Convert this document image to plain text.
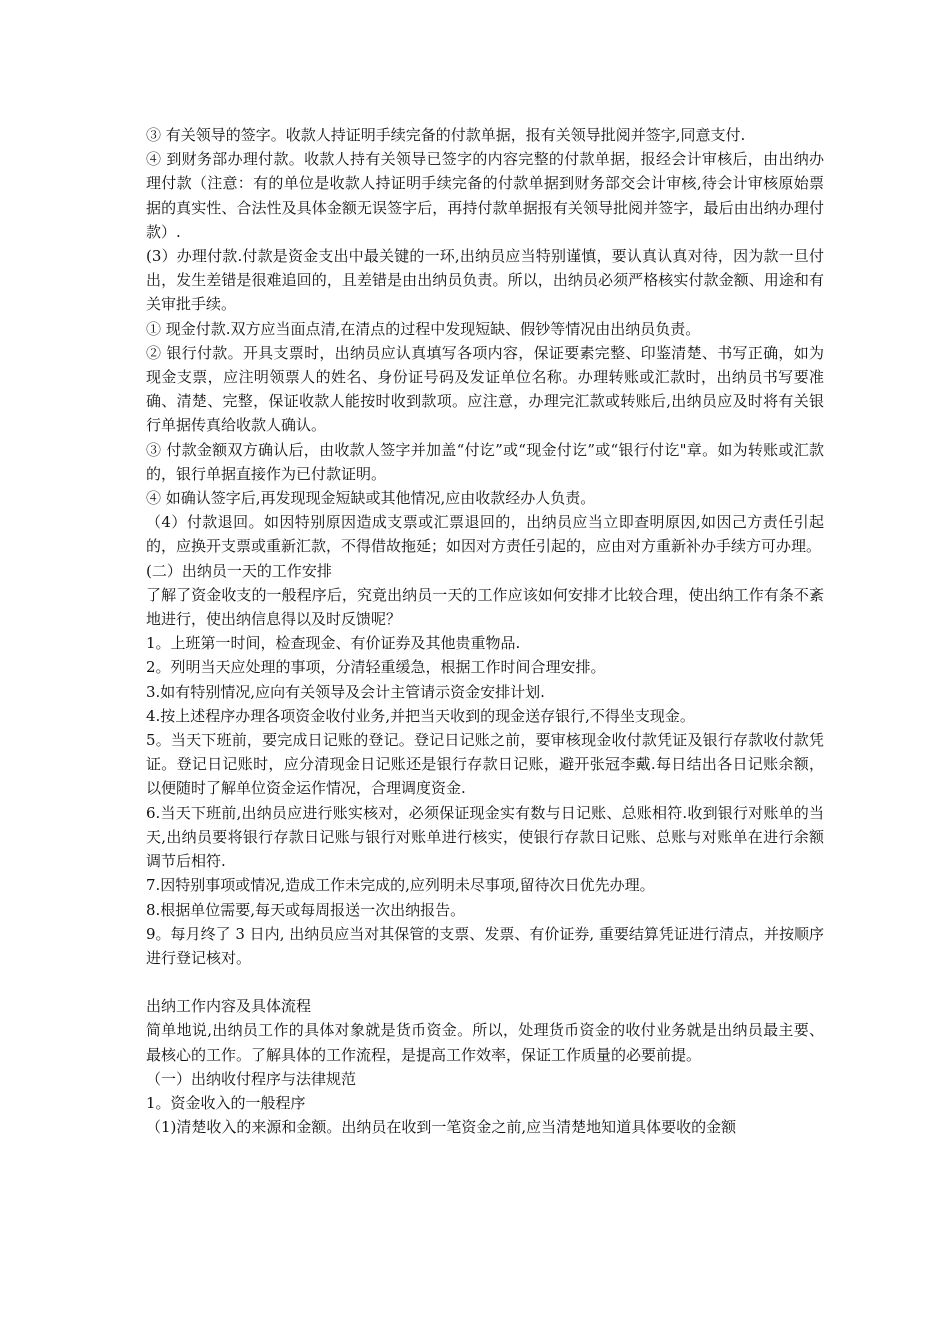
③ 有关领导的签字。收款人持证明手续完备的付款单据，报有关领导批阅并签字,同意支付.

④ 到财务部办理付款。收款人持有关领导已签字的内容完整的付款单据，报经会计审核后，由出纳办理付款（注意：有的单位是收款人持证明手续完备的付款单据到财务部交会计审核,待会计审核原始票据的真实性、合法性及具体金额无误签字后，再持付款单据报有关领导批阅并签字，最后由出纳办理付款）.

(3）办理付款.付款是资金支出中最关键的一环,出纳员应当特别谨慎，要认真认真对待，因为款一旦付出，发生差错是很难追回的，且差错是由出纳员负责。所以，出纳员必须严格核实付款金额、用途和有关审批手续。

① 现金付款.双方应当面点清,在清点的过程中发现短缺、假钞等情况由出纳员负责。

② 银行付款。开具支票时，出纳员应认真填写各项内容，保证要素完整、印鉴清楚、书写正确，如为现金支票，应注明领票人的姓名、身份证号码及发证单位名称。办理转账或汇款时，出纳员书写要准确、清楚、完整，保证收款人能按时收到款项。应注意，办理完汇款或转账后,出纳员应及时将有关银行单据传真给收款人确认。

③ 付款金额双方确认后，由收款人签字并加盖“付讫”或“现金付讫”或“银行付讫"章。如为转账或汇款的，银行单据直接作为已付款证明。

④ 如确认签字后,再发现现金短缺或其他情况,应由收款经办人负责。

（4）付款退回。如因特别原因造成支票或汇票退回的，出纳员应当立即查明原因,如因己方责任引起的，应换开支票或重新汇款，不得借故拖延；如因对方责任引起的，应由对方重新补办手续方可办理。

(二）出纳员一天的工作安排

了解了资金收支的一般程序后，究竟出纳员一天的工作应该如何安排才比较合理，使出纳工作有条不紊地进行，使出纳信息得以及时反馈呢？

1。上班第一时间，检查现金、有价证券及其他贵重物品.

2。列明当天应处理的事项，分清轻重缓急，根据工作时间合理安排。

3.如有特别情况,应向有关领导及会计主管请示资金安排计划.

4.按上述程序办理各项资金收付业务,并把当天收到的现金送存银行,不得坐支现金。

5。当天下班前，要完成日记账的登记。登记日记账之前，要审核现金收付款凭证及银行存款收付款凭证。登记日记账时，应分清现金日记账还是银行存款日记账，避开张冠李戴.每日结出各日记账余额，以便随时了解单位资金运作情况，合理调度资金.

6.当天下班前,出纳员应进行账实核对，必须保证现金实有数与日记账、总账相符.收到银行对账单的当天,出纳员要将银行存款日记账与银行对账单进行核实，使银行存款日记账、总账与对账单在进行余额调节后相符.

7.因特别事项或情况,造成工作未完成的,应列明未尽事项,留待次日优先办理。

8.根据单位需要,每天或每周报送一次出纳报告。

9。每月终了 3 日内, 出纳员应当对其保管的支票、发票、有价证券, 重要结算凭证进行清点，并按顺序进行登记核对。

出纳工作内容及具体流程

简单地说,出纳员工作的具体对象就是货币资金。所以，处理货币资金的收付业务就是出纳员最主要、最核心的工作。了解具体的工作流程，是提高工作效率，保证工作质量的必要前提。

（一）出纳收付程序与法律规范

1。资金收入的一般程序

（1)清楚收入的来源和金额。出纳员在收到一笔资金之前,应当清楚地知道具体要收的金额
